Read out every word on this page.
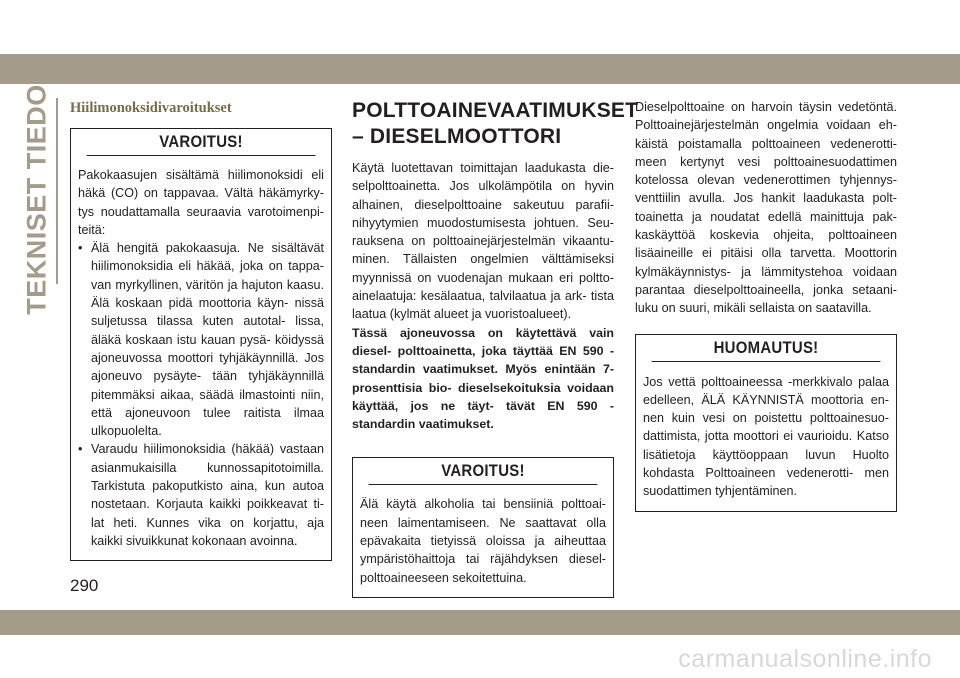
TEKNISET TIEDOT Hiilimonoksidivaroitukset
VAROITUS!

Pakokaasujen sisältämä hiilimonoksidi eli häkä (CO) on tappavaa. Vältä häkämyrky- tys noudattamalla seuraavia varotoimenpi- teitä:

• Älä hengitä pakokaasuja. Ne sisältävät hiilimonoksidia eli häkää, joka on tappa- van myrkyllinen, väritön ja hajuton kaasu. Älä koskaan pidä moottoria käyn- nissä suljetussa tilassa kuten autotal- lissa, äläkä koskaan istu kauan pysä- köidyssä ajoneuvossa moottori tyhjäkäynnillä. Jos ajoneuvo pysäyte- tään tyhjäkäynnillä pitemmäksi aikaa, säädä ilmastointi niin, että ajoneuvoon tulee raitista ilmaa ulkopuolelta.
• Varaudu hiilimonoksidia (häkää) vastaan asianmukaisilla kunnossapitotoimilla. Tarkistuta pakoputkisto aina, kun autoa nostetaan. Korjauta kaikki poikkeavat ti- lat heti. Kunnes vika on korjattu, aja kaikki sivuikkunat kokonaan avoinna.
POLTTOAINEVAATIMUKSET
– DIESELMOOTTORI

Käytä luotettavan toimittajan laadukasta die- selpolttoainetta. Jos ulkolämpötila on hyvin alhainen, dieselpolttoaine sakeutuu parafii- nihyytymien muodostumisesta johtuen. Seu- rauksena on polttoainejärjestelmän vikaantu- minen. Tällaisten ongelmien välttämiseksi myynnissä on vuodenajan mukaan eri poltto- ainelaatuja: kesälaatua, talvilaatua ja ark- tista laatua (kylmät alueet ja vuoristoalueet).

Tässä ajoneuvossa on käytettävä vain diesel- polttoainetta, joka täyttää EN 590 -standardin vaatimukset. Myös enintään 7-prosenttisia bio- dieselsekoituksia voidaan käyttää, jos ne täyt- tävät EN 590 -standardin vaatimukset.

VAROITUS!
Älä käytä alkoholia tai bensiiniä polttoai- neen laimentamiseen. Ne saattavat olla epävakaita tietyissä oloissa ja aiheuttaa ympäristöhaittoja tai räjähdyksen diesel- polttoaineeseen sekoitettuina.

Dieselpolttoaine on harvoin täysin vedetöntä. Polttoainejärjestelmän ongelmia voidaan eh- käistä poistamalla polttoaineen vedenerotti- meen kertynyt vesi polttoainesuodattimen kotelossa olevan vedenerottimen tyhjennys- venttiilin avulla. Jos hankit laadukasta polt- toainetta ja noudatat edellä mainittuja pak- kaskäyttöä koskevia ohjeita, polttoaineen lisäaineille ei pitäisi olla tarvetta. Moottorin kylmäkäynnistys- ja lämmitystehoa voidaan parantaa dieselpolttoaineella, jonka setaani- luku on suuri, mikäli sellaista on saatavilla.

HUOMAUTUS!
Jos vettä polttoaineessa -merkkivalo palaa edelleen, ÄLÄ KÄYNNISTÄ moottoria en- nen kuin vesi on poistettu polttoainesuo- dattimista, jotta moottori ei vaurioidu. Katso lisätietoja käyttöoppaan luvun Huolto kohdasta Polttoaineen vedenerotti- men suodattimen tyhjentäminen.
290
carmanualsonline.info
